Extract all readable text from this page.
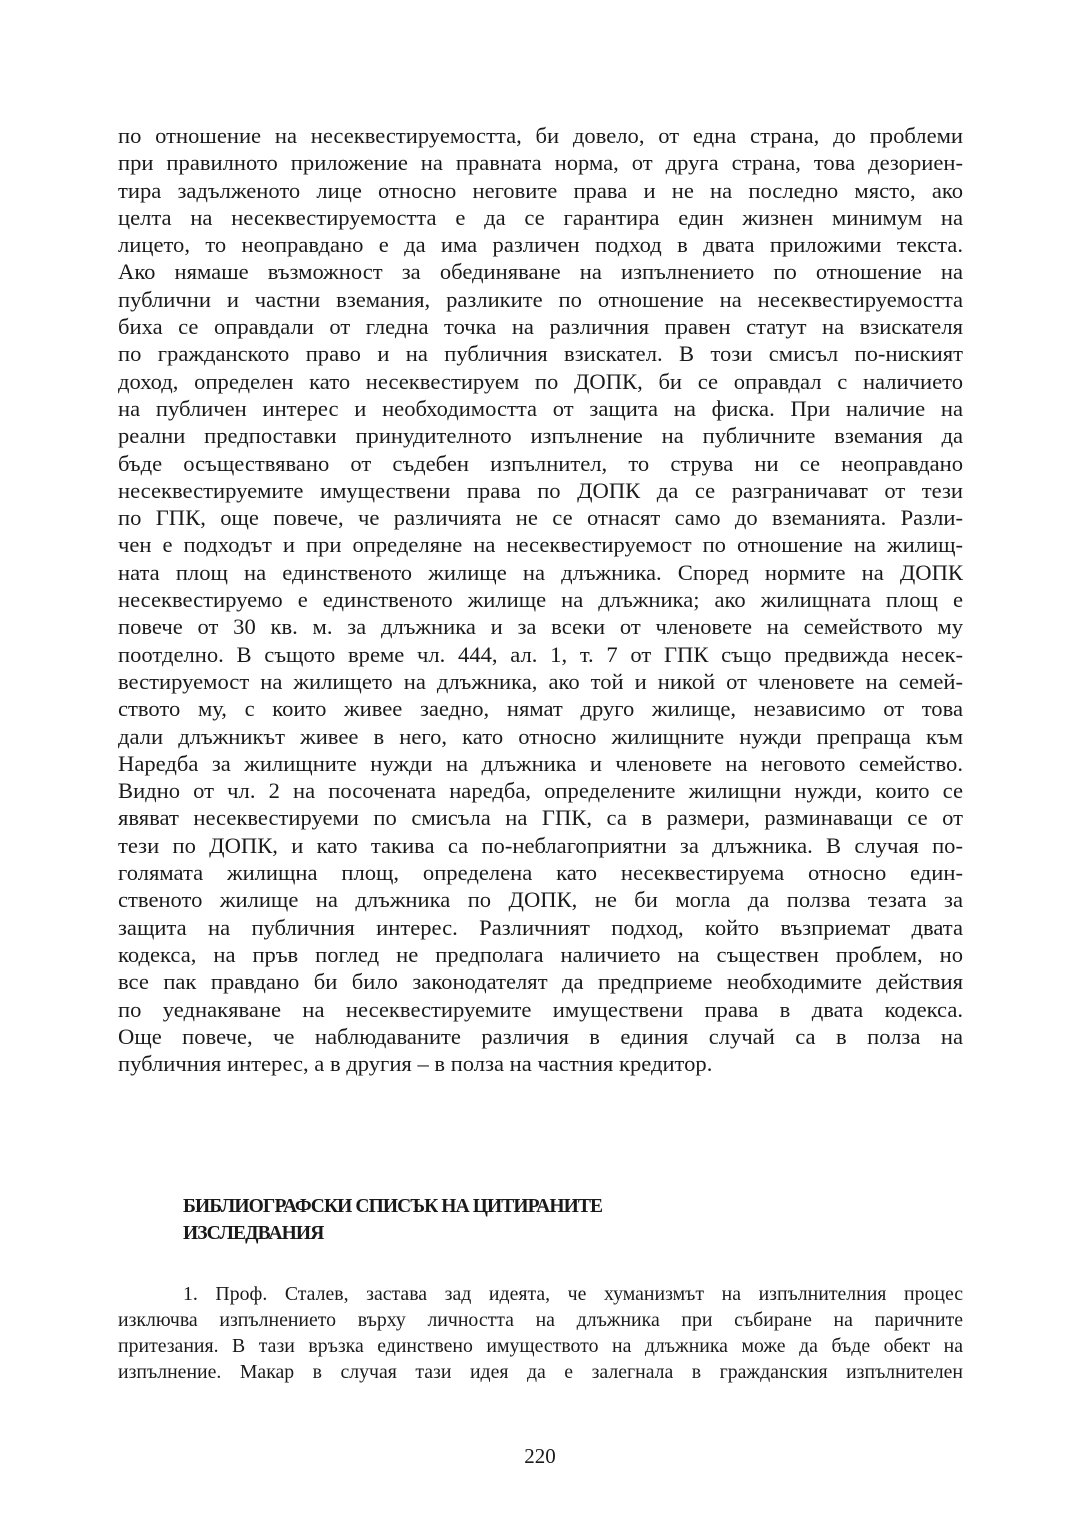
по отношение на несеквестируемостта, би довело, от една страна, до проблеми
при правилното приложение на правната норма, от друга страна, това дезориен-
тира задълженото лице относно неговите права и не на последно място, ако
целта на несеквестируемостта е да се гарантира един жизнен минимум на
лицето, то неоправдано е да има различен подход в двата приложими текста.
Ако нямаше възможност за обединяване на изпълнението по отношение на
публични и частни вземания, разликите по отношение на несеквестируемостта
биха се оправдали от гледна точка на различния правен статут на взискателя
по гражданското право и на публичния взискател. В този смисъл по-ниският
доход, определен като несеквестируем по ДОПК, би се оправдал с наличието
на публичен интерес и необходимостта от защита на фиска. При наличие на
реални предпоставки принудителното изпълнение на публичните вземания да
бъде осъществявано от съдебен изпълнител, то струва ни се неоправдано
несеквестируемите имуществени права по ДОПК да се разграничават от тези
по ГПК, още повече, че различията не се отнасят само до вземанията. Разли-
чен е подходът и при определяне на несеквестируемост по отношение на жилищ-
ната площ на единственото жилище на длъжника. Според нормите на ДОПК
несеквестируемо е единственото жилище на длъжника; ако жилищната площ е
повече от 30 кв. м. за длъжника и за всеки от членовете на семейството му
поотделно. В същото време чл. 444, ал. 1, т. 7 от ГПК също предвижда несек-
вестируемост на жилището на длъжника, ако той и никой от членовете на семей-
ството му, с които живее заедно, нямат друго жилище, независимо от това
дали длъжникът живее в него, като относно жилищните нужди препраща към
Наредба за жилищните нужди на длъжника и членовете на неговото семейство.
Видно от чл. 2 на посочената наредба, определените жилищни нужди, които се
явяват несеквестируеми по смисъла на ГПК, са в размери, разминаващи се от
тези по ДОПК, и като такива са по-неблагоприятни за длъжника. В случая по-
голямата жилищна площ, определена като несеквестируема относно един-
ственото жилище на длъжника по ДОПК, не би могла да ползва тезата за
защита на публичния интерес. Различният подход, който възприемат двата
кодекса, на пръв поглед не предполага наличието на съществен проблем, но
все пак правдано би било законодателят да предприеме необходимите действия
по уеднакяване на несеквестируемите имуществени права в двата кодекса.
Още повече, че наблюдаваните различия в единия случай са в полза на
публичния интерес, а в другия – в полза на частния кредитор.
БИБЛИОГРАФСКИ СПИСЪК НА ЦИТИРАНИТЕ
ИЗСЛЕДВАНИЯ
1. Проф. Сталев, застава зад идеята, че хуманизмът на изпълнителния процес
изключва изпълнението върху личността на длъжника при събиране на паричните
притезания. В тази връзка единствено имуществото на длъжника може да бъде обект на
изпълнение. Макар в случая тази идея да е залегнала в гражданския изпълнителен
220
